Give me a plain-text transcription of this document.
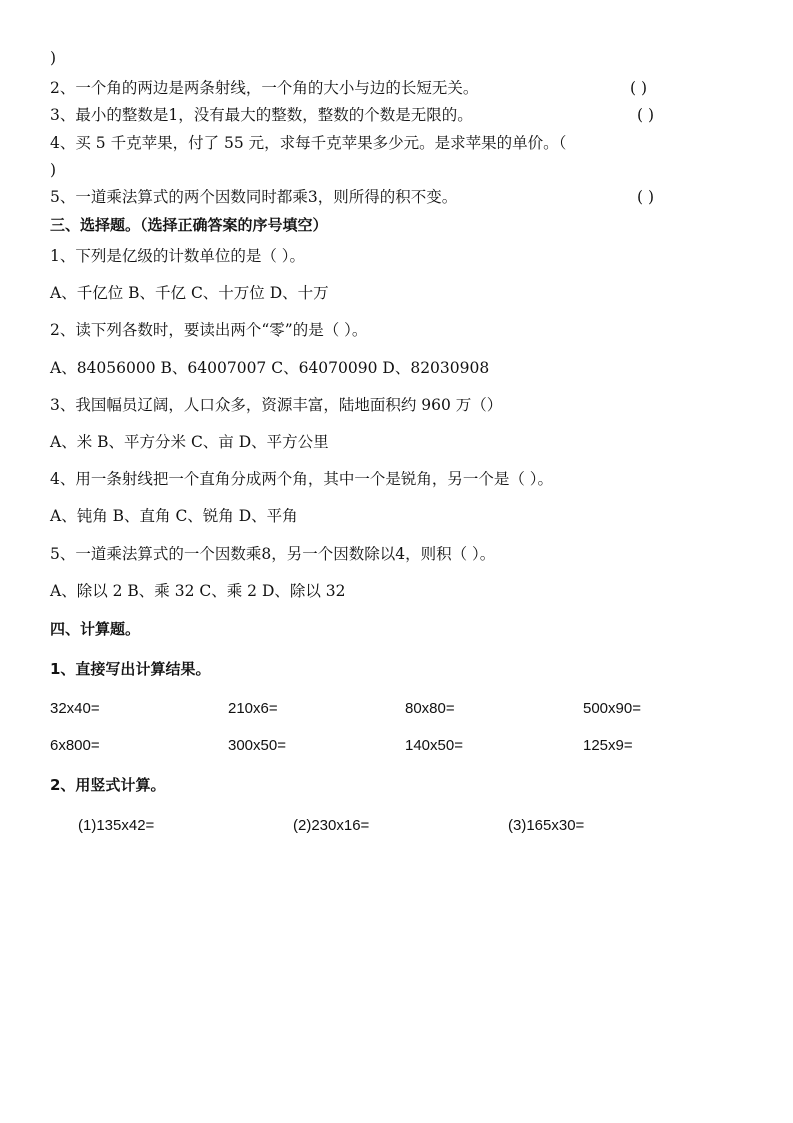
)
2、一个角的两边是两条射线，一个角的大小与边的长短无关。	( )
3、最小的整数是1，没有最大的整数，整数的个数是无限的。	( )
4、买 5 千克苹果，付了 55 元，求每千克苹果多少元。是求苹果的单价。（
)
5、一道乘法算式的两个因数同时都乘3，则所得的积不变。	( )
三、选择题。（选择正确答案的序号填空）
1、下列是亿级的计数单位的是（ ）。
A、千亿位 B、千亿 C、十万位 D、十万
2、读下列各数时，要读出两个“零”的是（ ）。
A、84056000 B、64007007 C、64070090 D、82030908
3、我国幅员辽阔，人口众多，资源丰富，陆地面积约 960 万（）
A、米 B、平方分米 C、亩 D、平方公里
4、用一条射线把一个直角分成两个角，其中一个是锐角，另一个是（ ）。
A、钝角 B、直角 C、锐角 D、平角
5、一道乘法算式的一个因数乘8，另一个因数除以4，则积（ ）。
A、除以 2 B、乘 32 C、乘 2 D、除以 32
四、计算题。
1、直接写出计算结果。
32x40=	210x6=	80x80=	500x90=
6x800=	300x50=	140x50=	125x9=
2、用竖式计算。
(1)135x42=	(2)230x16=	(3)165x30=
